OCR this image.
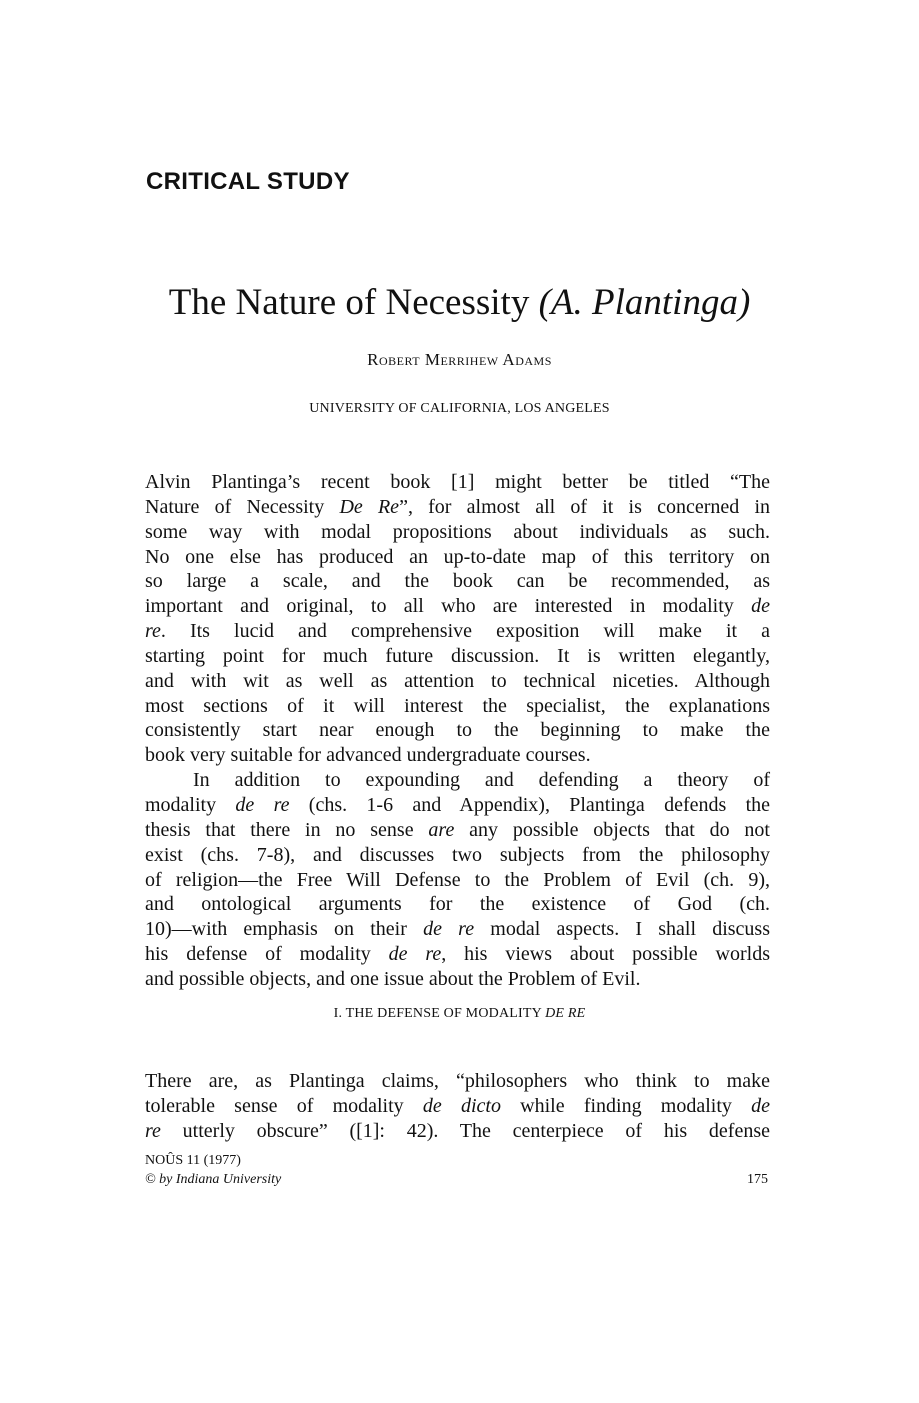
CRITICAL STUDY
The Nature of Necessity (A. Plantinga)
Robert Merrihew Adams
UNIVERSITY OF CALIFORNIA, LOS ANGELES
Alvin Plantinga’s recent book [1] might better be titled “The
Nature of Necessity De Re”, for almost all of it is concerned in
some way with modal propositions about individuals as such.
No one else has produced an up-to-date map of this territory on
so large a scale, and the book can be recommended, as
important and original, to all who are interested in modality de
re. Its lucid and comprehensive exposition will make it a
starting point for much future discussion. It is written elegantly,
and with wit as well as attention to technical niceties. Although
most sections of it will interest the specialist, the explanations
consistently start near enough to the beginning to make the
book very suitable for advanced undergraduate courses.
In addition to expounding and defending a theory of
modality de re (chs. 1-6 and Appendix), Plantinga defends the
thesis that there in no sense are any possible objects that do not
exist (chs. 7-8), and discusses two subjects from the philosophy
of religion—the Free Will Defense to the Problem of Evil (ch. 9),
and ontological arguments for the existence of God (ch.
10)—with emphasis on their de re modal aspects. I shall discuss
his defense of modality de re, his views about possible worlds
and possible objects, and one issue about the Problem of Evil.
I. THE DEFENSE OF MODALITY DE RE
There are, as Plantinga claims, “philosophers who think to make
tolerable sense of modality de dicto while finding modality de
re utterly obscure” ([1]: 42). The centerpiece of his defense
NOÛS 11 (1977)
© by Indiana University	175
